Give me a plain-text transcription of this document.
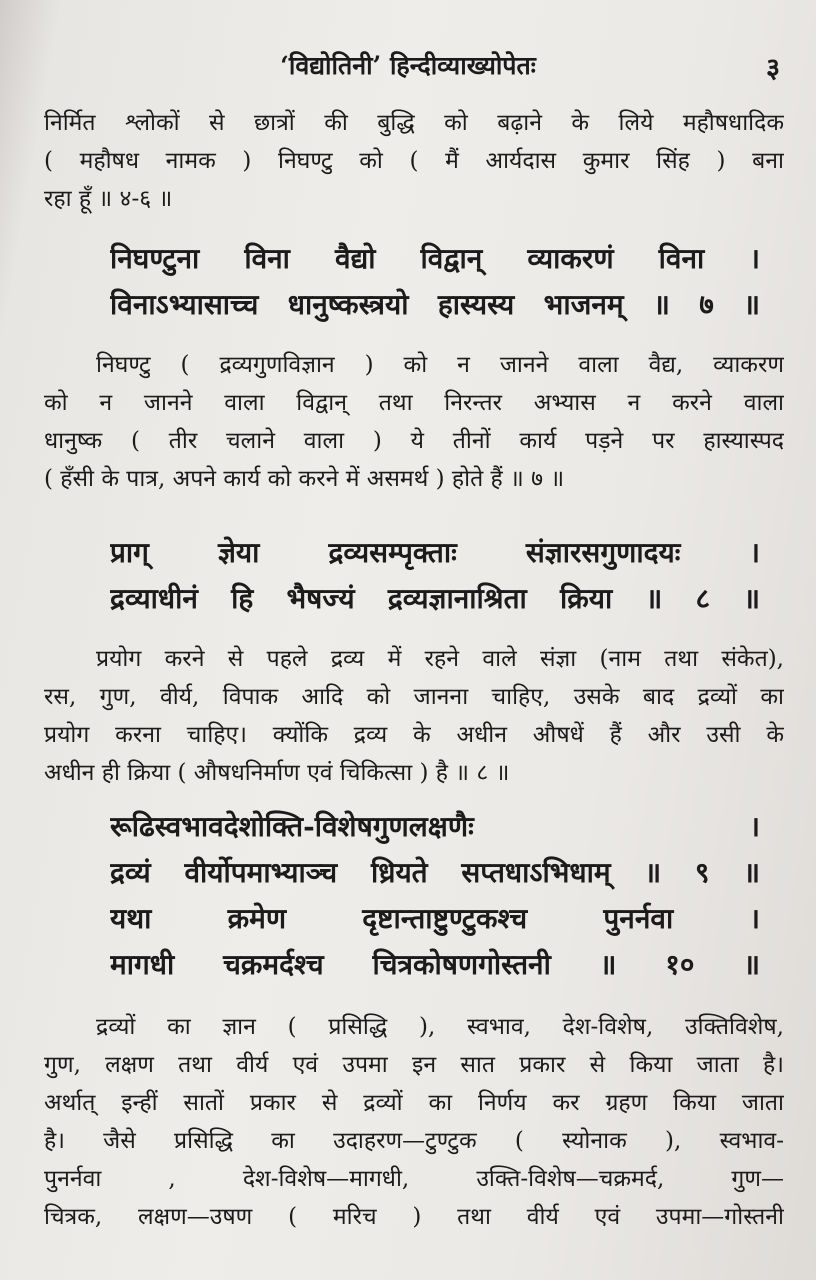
‘विद्योतिनी’ हिन्दीव्याख्योपेतः	३
निर्मित श्लोकों से छात्रों की बुद्धि को बढ़ाने के लिये महौषधादिक
( महौषध नामक ) निघण्टु को ( मैं आर्यदास कुमार सिंह ) बना
रहा हूँ ॥ ४-६ ॥
निघण्टुना विना वैद्यो विद्वान् व्याकरणं विना ।
विनाऽभ्यासाच्च धानुष्कस्त्रयो हास्यस्य भाजनम् ॥ ७ ॥
निघण्टु ( द्रव्यगुणविज्ञान ) को न जानने वाला वैद्य, व्याकरण
को न जानने वाला विद्वान् तथा निरन्तर अभ्यास न करने वाला
धानुष्क ( तीर चलाने वाला ) ये तीनों कार्य पड़ने पर हास्यास्पद
( हँसी के पात्र, अपने कार्य को करने में असमर्थ ) होते हैं ॥ ७ ॥
प्राग् ज्ञेया द्रव्यसम्पृक्ताः संज्ञारसगुणादयः ।
द्रव्याधीनं हि भैषज्यं द्रव्यज्ञानाश्रिता क्रिया ॥ ८ ॥
प्रयोग करने से पहले द्रव्य में रहने वाले संज्ञा (नाम तथा संकेत),
रस, गुण, वीर्य, विपाक आदि को जानना चाहिए, उसके बाद द्रव्यों का
प्रयोग करना चाहिए। क्योंकि द्रव्य के अधीन औषधें हैं और उसी के
अधीन ही क्रिया ( औषधनिर्माण एवं चिकित्सा ) है ॥ ८ ॥
रूढिस्वभावदेशोक्ति-विशेषगुणलक्षणैः ।
द्रव्यं वीर्योपमाभ्याञ्च ध्रियते सप्तधाऽभिधाम् ॥ ९ ॥
यथा क्रमेण दृष्टान्ताष्टुण्टुकश्च पुनर्नवा ।
मागधी चक्रमर्दश्च चित्रकोषणगोस्तनी ॥ १० ॥
द्रव्यों का ज्ञान ( प्रसिद्धि ), स्वभाव, देश-विशेष, उक्तिविशेष,
गुण, लक्षण तथा वीर्य एवं उपमा इन सात प्रकार से किया जाता है।
अर्थात् इन्हीं सातों प्रकार से द्रव्यों का निर्णय कर ग्रहण किया जाता
है। जैसे प्रसिद्धि का उदाहरण—टुण्टुक ( स्योनाक ), स्वभाव-
पुनर्नवा , देश-विशेष—मागधी, उक्ति-विशेष—चक्रमर्द, गुण—
चित्रक, लक्षण—उषण ( मरिच ) तथा वीर्य एवं उपमा—गोस्तनी
